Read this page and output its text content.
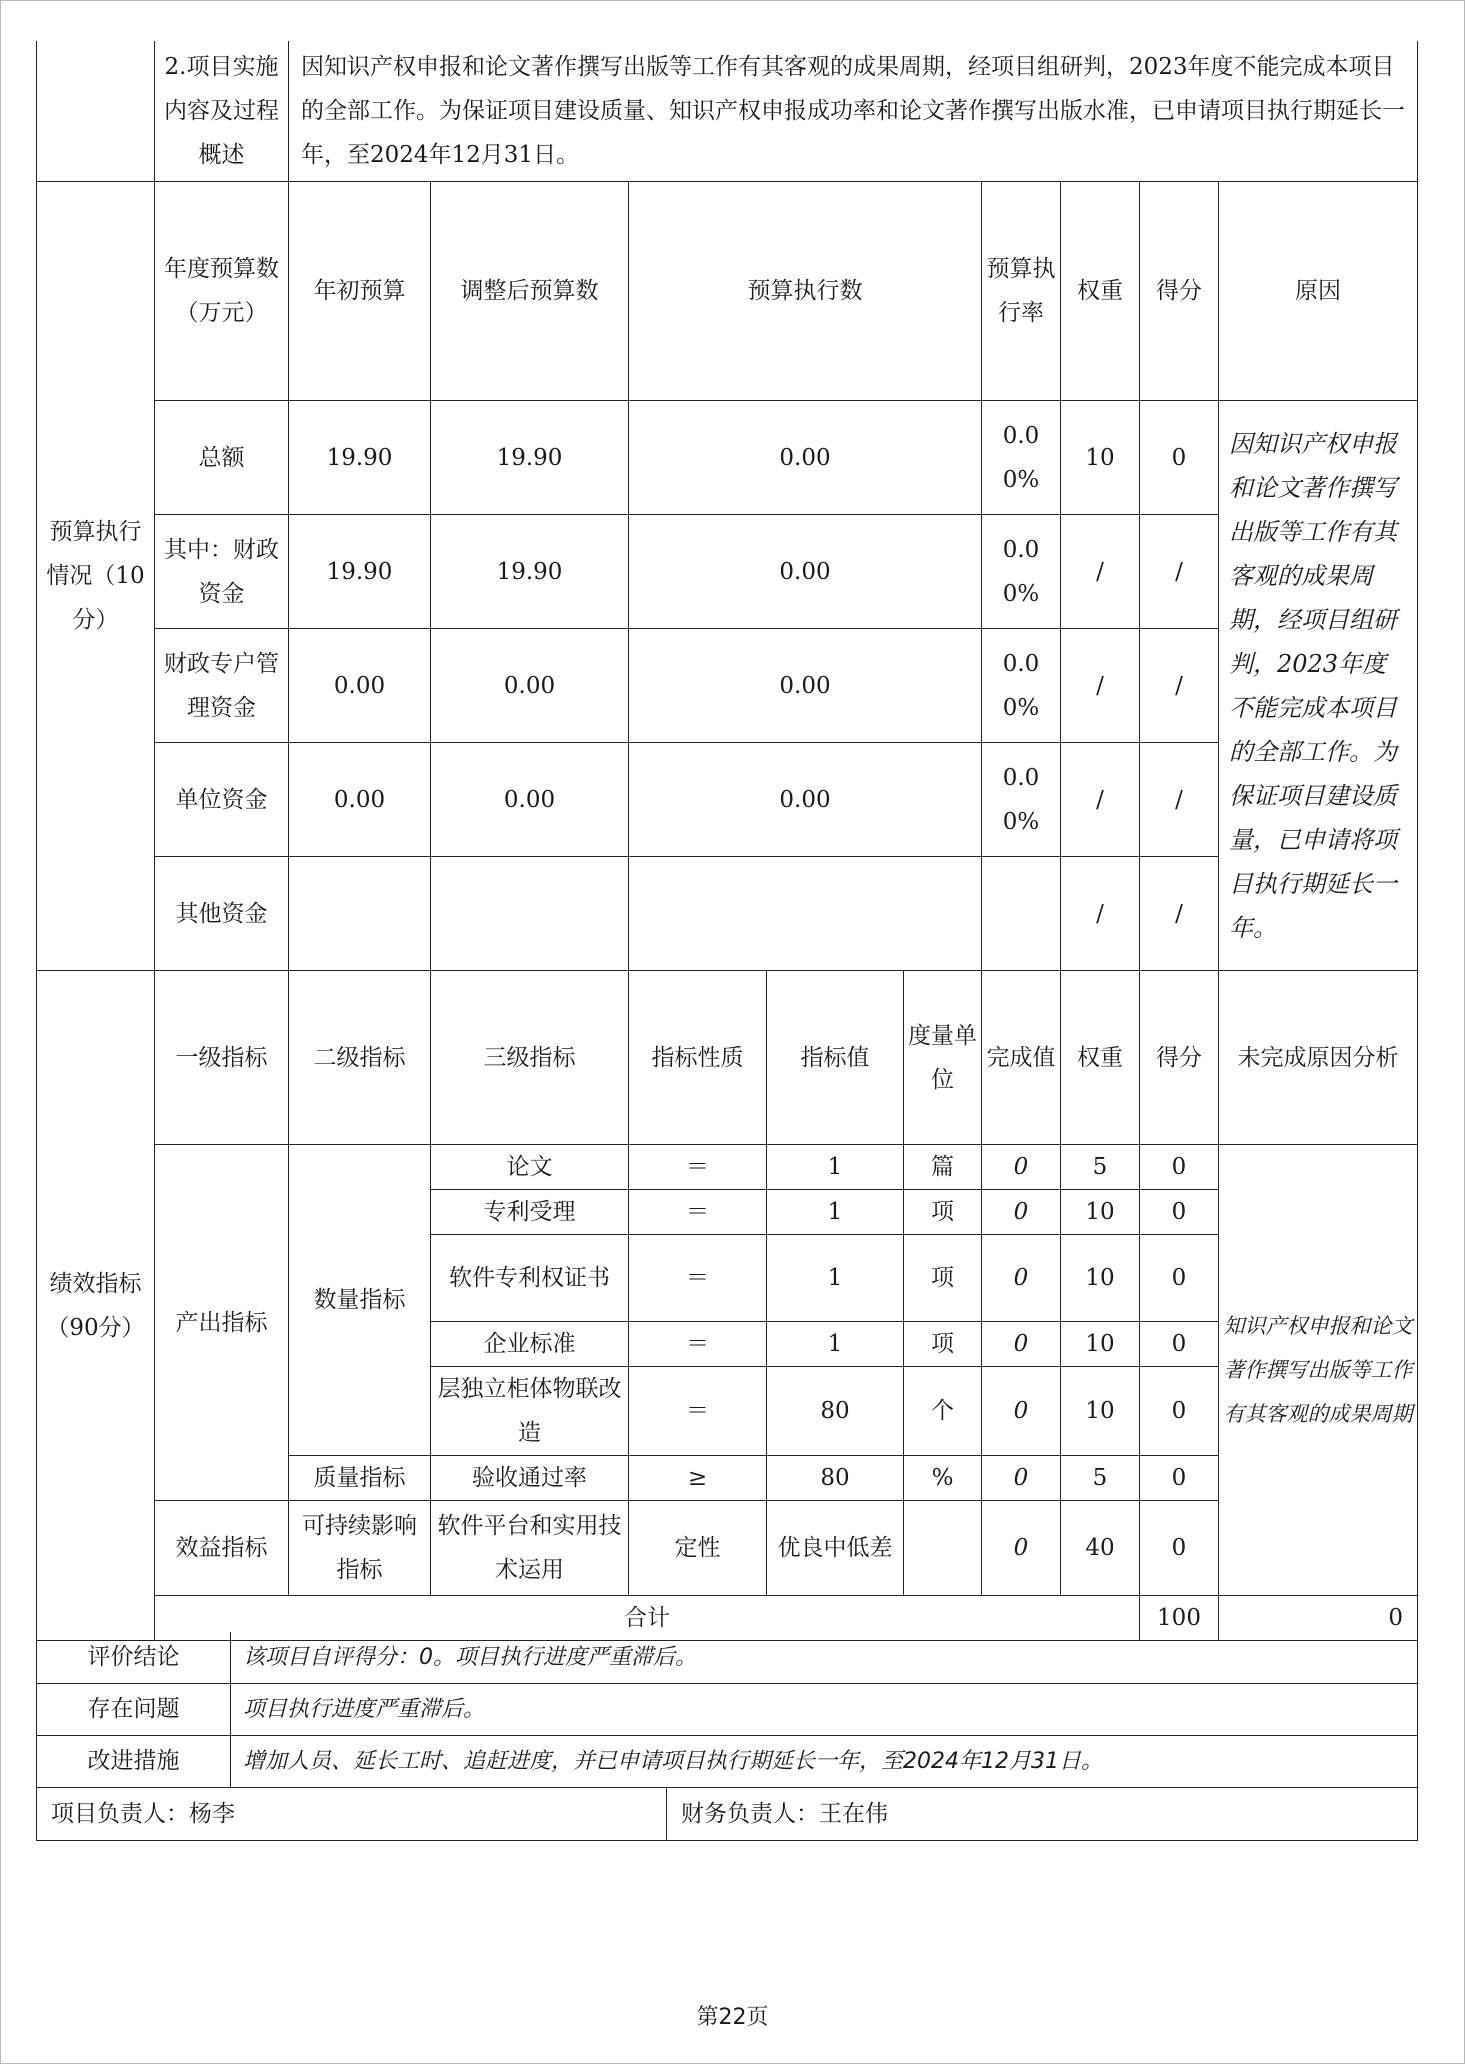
	2.项目实施内容及过程概述	因知识产权申报和论文著作撰写出版等工作有其客观的成果周期，经项目组研判，2023年度不能完成本项目的全部工作。为保证项目建设质量、知识产权申报成功率和论文著作撰写出版水准，已申请项目执行期延长一年，至2024年12月31日。									
预算执行情况（10分）	年度预算数（万元）	年初预算	调整后预算数	预算执行数			预算执行率	权重	得分	原因	
	总额	19.90	19.90	0.00			0.00%	10	0	因知识产权申报和论文著作撰写出版等工作有其客观的成果周期，经项目组研判，2023年度不能完成本项目的全部工作。为保证项目建设质量，已申请将项目执行期延长一年。	
	其中：财政资金	19.90	19.90	0.00			0.00%	/	/		
	财政专户管理资金	0.00	0.00	0.00			0.00%	/	/		
	单位资金	0.00	0.00	0.00			0.00%	/	/		
	其他资金							/	/		
绩效指标（90分）	一级指标	二级指标	三级指标	指标性质	指标值	度量单位	完成值	权重	得分	未完成原因分析	
	产出指标	数量指标	论文	＝	1	篇	0	5	0	知识产权申报和论文著作撰写出版等工作有其客观的成果周期	
			专利受理	＝	1	项	0	10	0		
			软件专利权证书	＝	1	项	0	10	0		
			企业标准	＝	1	项	0	10	0		
			层独立柜体物联改造	＝	80	个	0	10	0		
		质量指标	验收通过率	≥	80	%	0	5	0		
	效益指标	可持续影响指标	软件平台和实用技术运用	定性	优良中低差		0	40	0		
	合计								100	0	
评价结论	该项目自评得分：0。项目执行进度严重滞后。	
存在问题	项目执行进度严重滞后。	
改进措施	增加人员、延长工时、追赶进度，并已申请项目执行期延长一年，至2024年12月31日。	
项目负责人：杨李		财务负责人：王在伟
第22页
